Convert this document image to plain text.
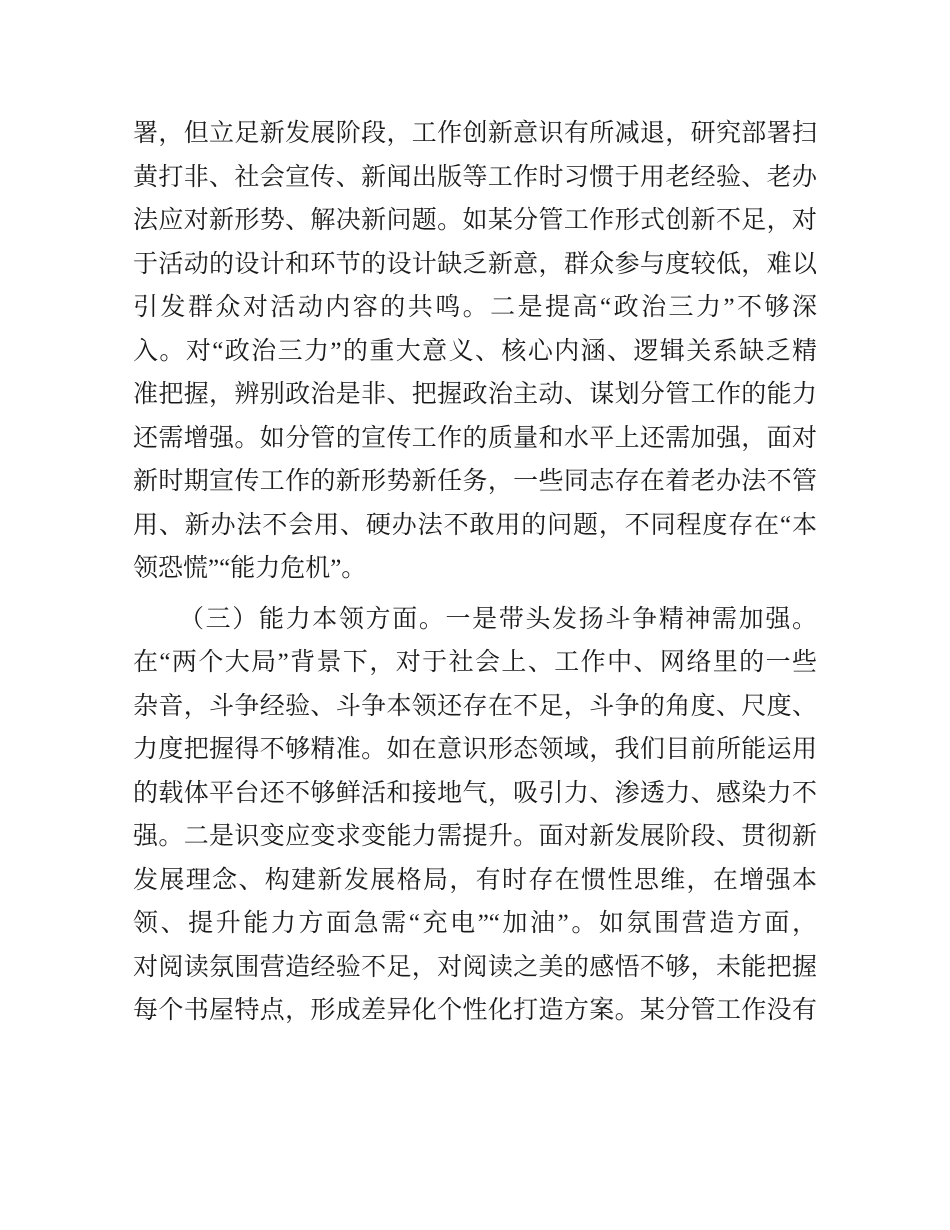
署，但立足新发展阶段，工作创新意识有所减退，研究部署扫
黄打非、社会宣传、新闻出版等工作时习惯于用老经验、老办
法应对新形势、解决新问题。如某分管工作形式创新不足，对
于活动的设计和环节的设计缺乏新意，群众参与度较低，难以
引发群众对活动内容的共鸣。二是提高“政治三力”不够深
入。对“政治三力”的重大意义、核心内涵、逻辑关系缺乏精
准把握，辨别政治是非、把握政治主动、谋划分管工作的能力
还需增强。如分管的宣传工作的质量和水平上还需加强，面对
新时期宣传工作的新形势新任务，一些同志存在着老办法不管
用、新办法不会用、硬办法不敢用的问题，不同程度存在“本
领恐慌”“能力危机”。
（三）能力本领方面。一是带头发扬斗争精神需加强。
在“两个大局”背景下，对于社会上、工作中、网络里的一些
杂音，斗争经验、斗争本领还存在不足，斗争的角度、尺度、
力度把握得不够精准。如在意识形态领域，我们目前所能运用
的载体平台还不够鲜活和接地气，吸引力、渗透力、感染力不
强。二是识变应变求变能力需提升。面对新发展阶段、贯彻新
发展理念、构建新发展格局，有时存在惯性思维，在增强本
领、提升能力方面急需“充电”“加油”。如氛围营造方面，
对阅读氛围营造经验不足，对阅读之美的感悟不够，未能把握
每个书屋特点，形成差异化个性化打造方案。某分管工作没有
